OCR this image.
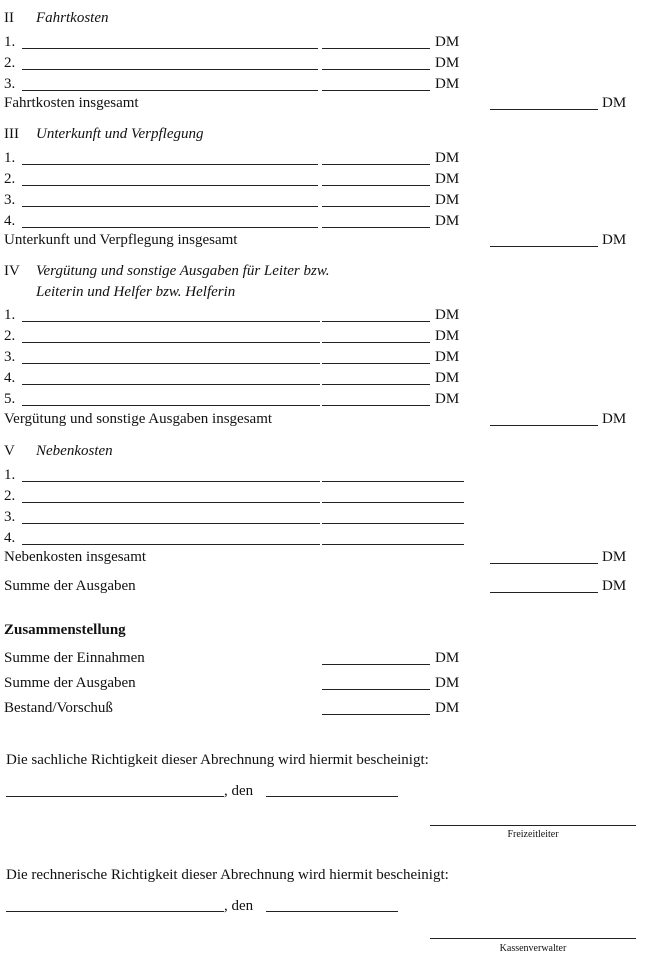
II Fahrtkosten
1.	DM
2.	DM
3.	DM
Fahrtkosten insgesamt	DM
III Unterkunft und Verpflegung
1.	DM
2.	DM
3.	DM
4.	DM
Unterkunft und Verpflegung insgesamt	DM
IV Vergütung und sonstige Ausgaben für Leiter bzw.
Leiterin und Helfer bzw. Helferin
1.	DM
2.	DM
3.	DM
4.	DM
5.	DM
Vergütung und sonstige Ausgaben insgesamt	DM
V Nebenkosten
1.
2.
3.
4.
Nebenkosten insgesamt	DM
Summe der Ausgaben	DM
Zusammenstellung
Summe der Einnahmen	DM
Summe der Ausgaben	DM
Bestand/Vorschuß	DM
Die sachliche Richtigkeit dieser Abrechnung wird hiermit bescheinigt:
, den
Freizeitleiter
Die rechnerische Richtigkeit dieser Abrechnung wird hiermit bescheinigt:
, den
Kassenverwalter
